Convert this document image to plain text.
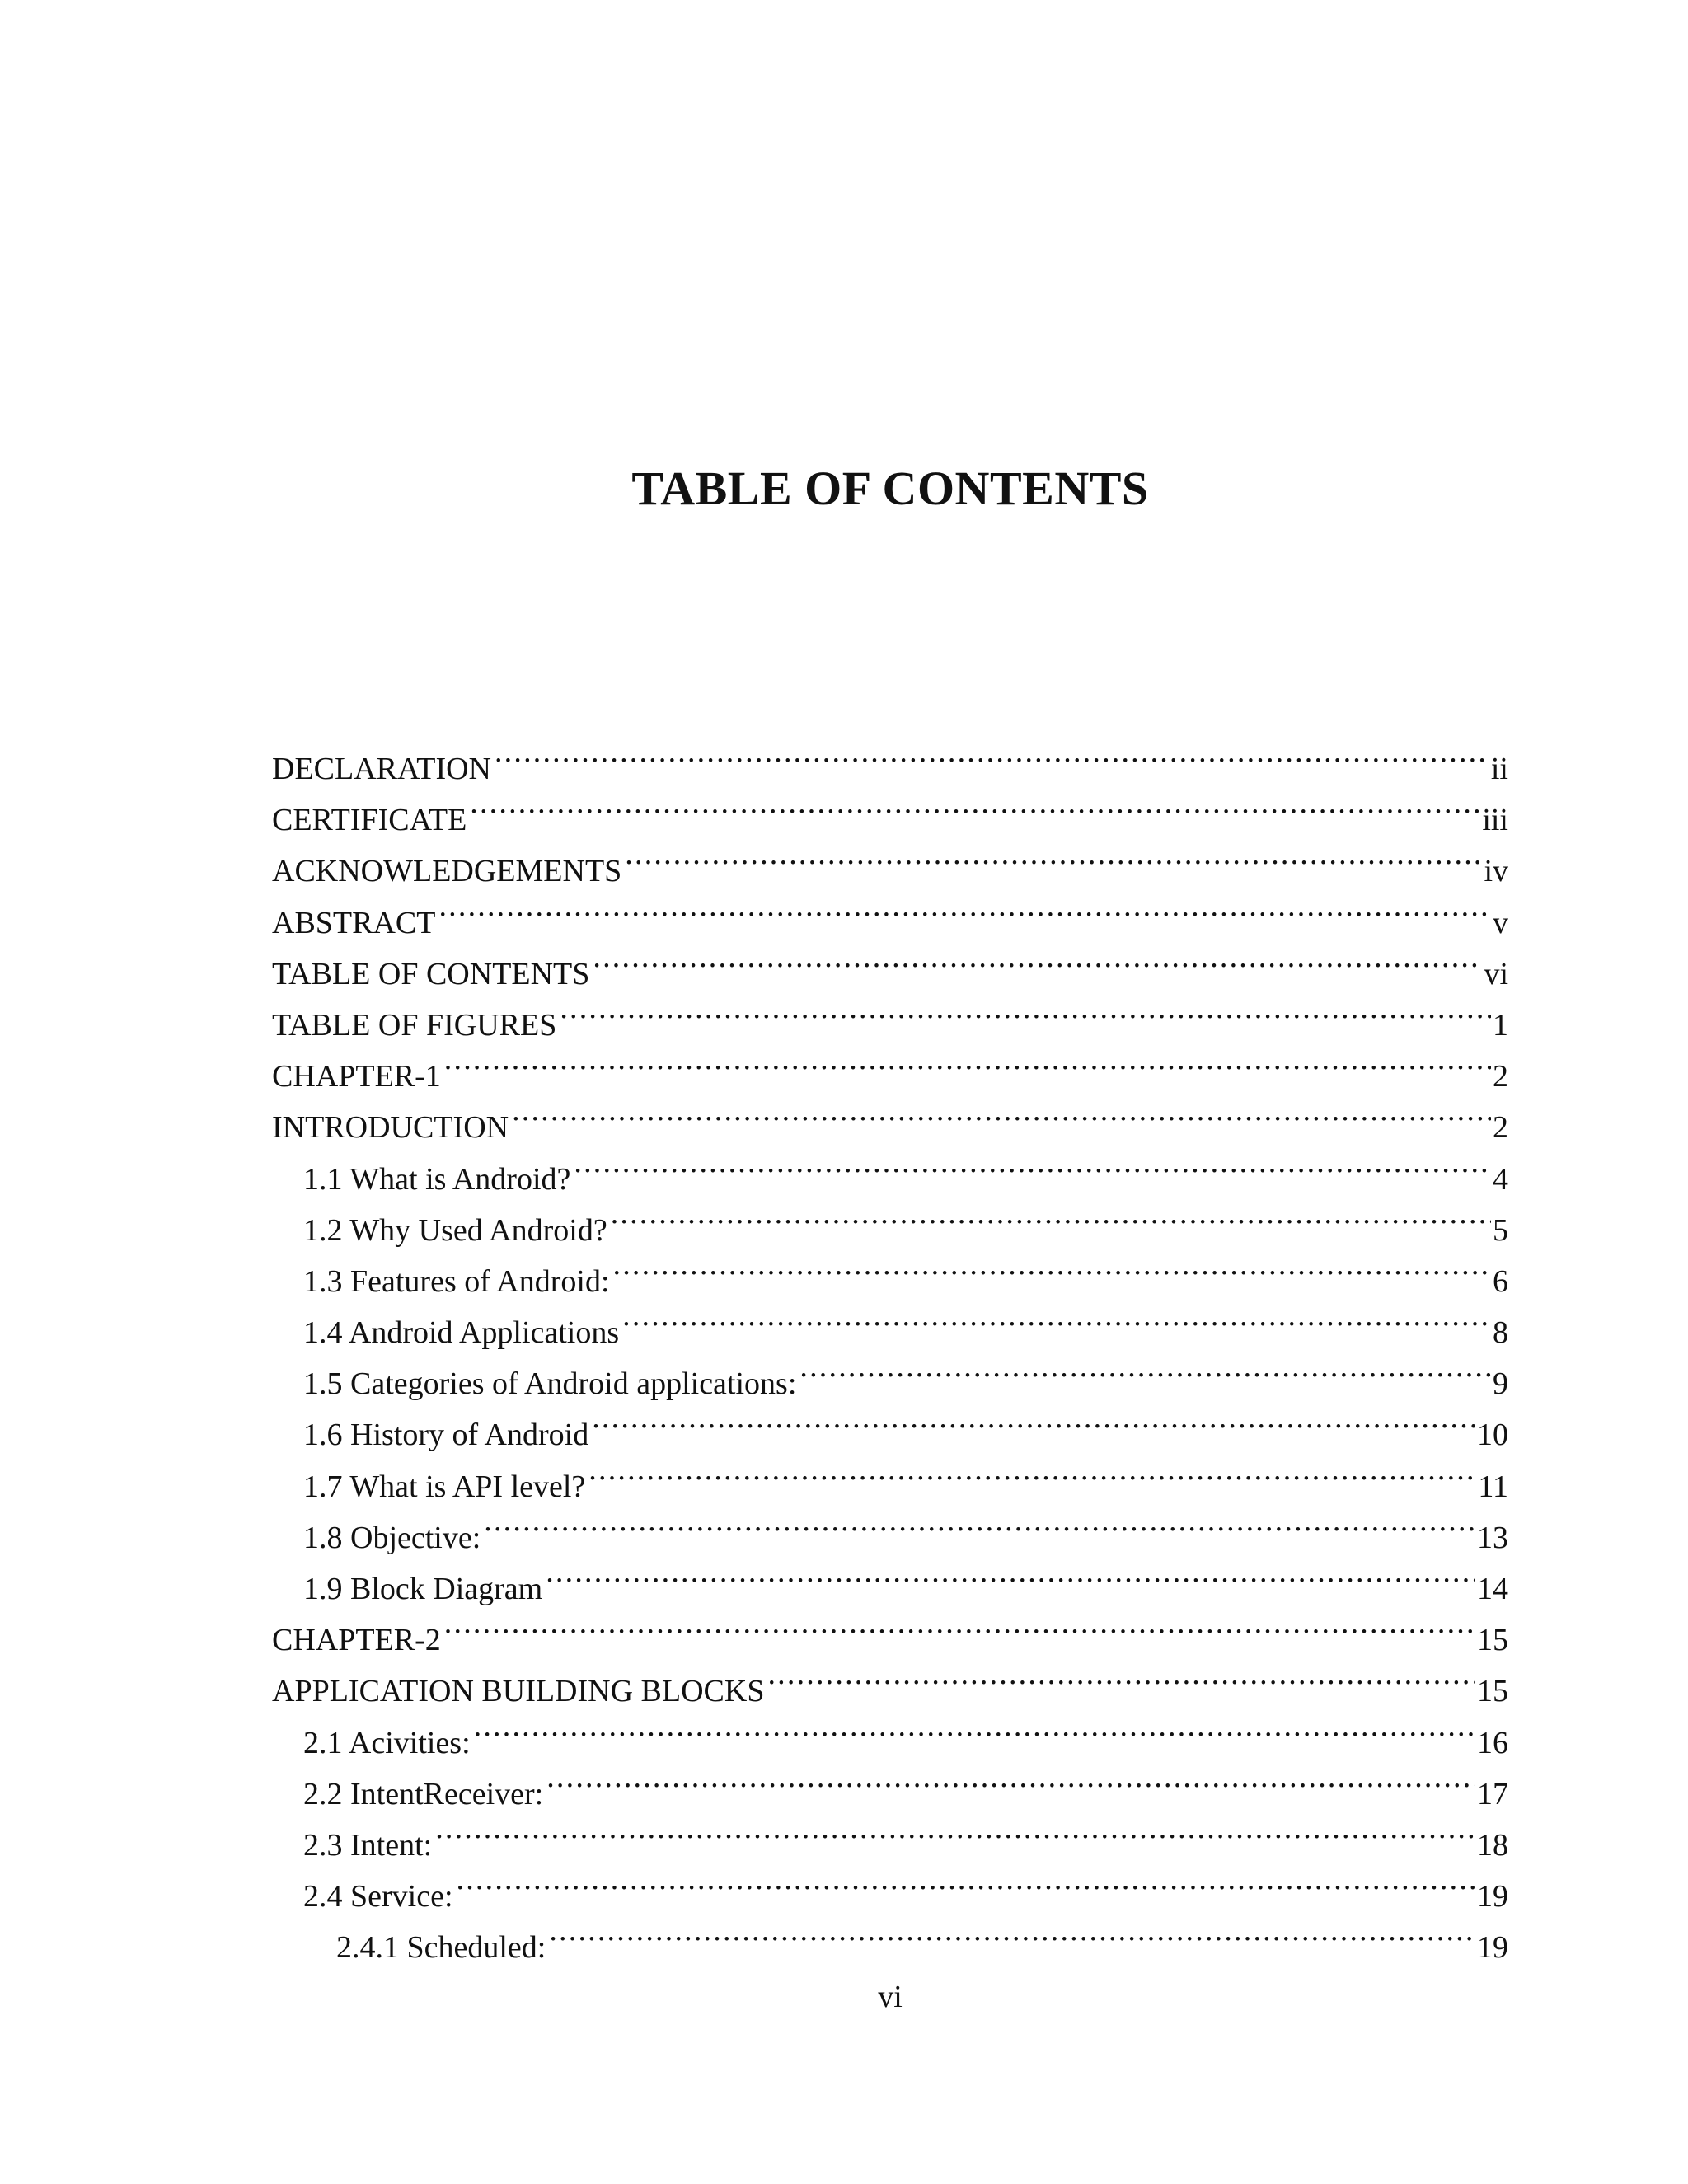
TABLE OF CONTENTS
DECLARATION .....	ii
CERTIFICATE .....	iii
ACKNOWLEDGEMENTS .....	iv
ABSTRACT .....	v
TABLE OF CONTENTS .....	vi
TABLE OF FIGURES .....	1
CHAPTER-1 .....	2
INTRODUCTION .....	2
1.1 What is Android? .....	4
1.2 Why Used Android? .....	5
1.3 Features of Android: .....	6
1.4 Android Applications .....	8
1.5 Categories of Android applications: .....	9
1.6 History of Android .....	10
1.7 What is API level? .....	11
1.8 Objective: .....	13
1.9 Block Diagram .....	14
CHAPTER-2 .....	15
APPLICATION BUILDING BLOCKS .....	15
2.1 Acivities: .....	16
2.2 IntentReceiver: .....	17
2.3 Intent: .....	18
2.4 Service: .....	19
2.4.1 Scheduled: .....	19
vi
